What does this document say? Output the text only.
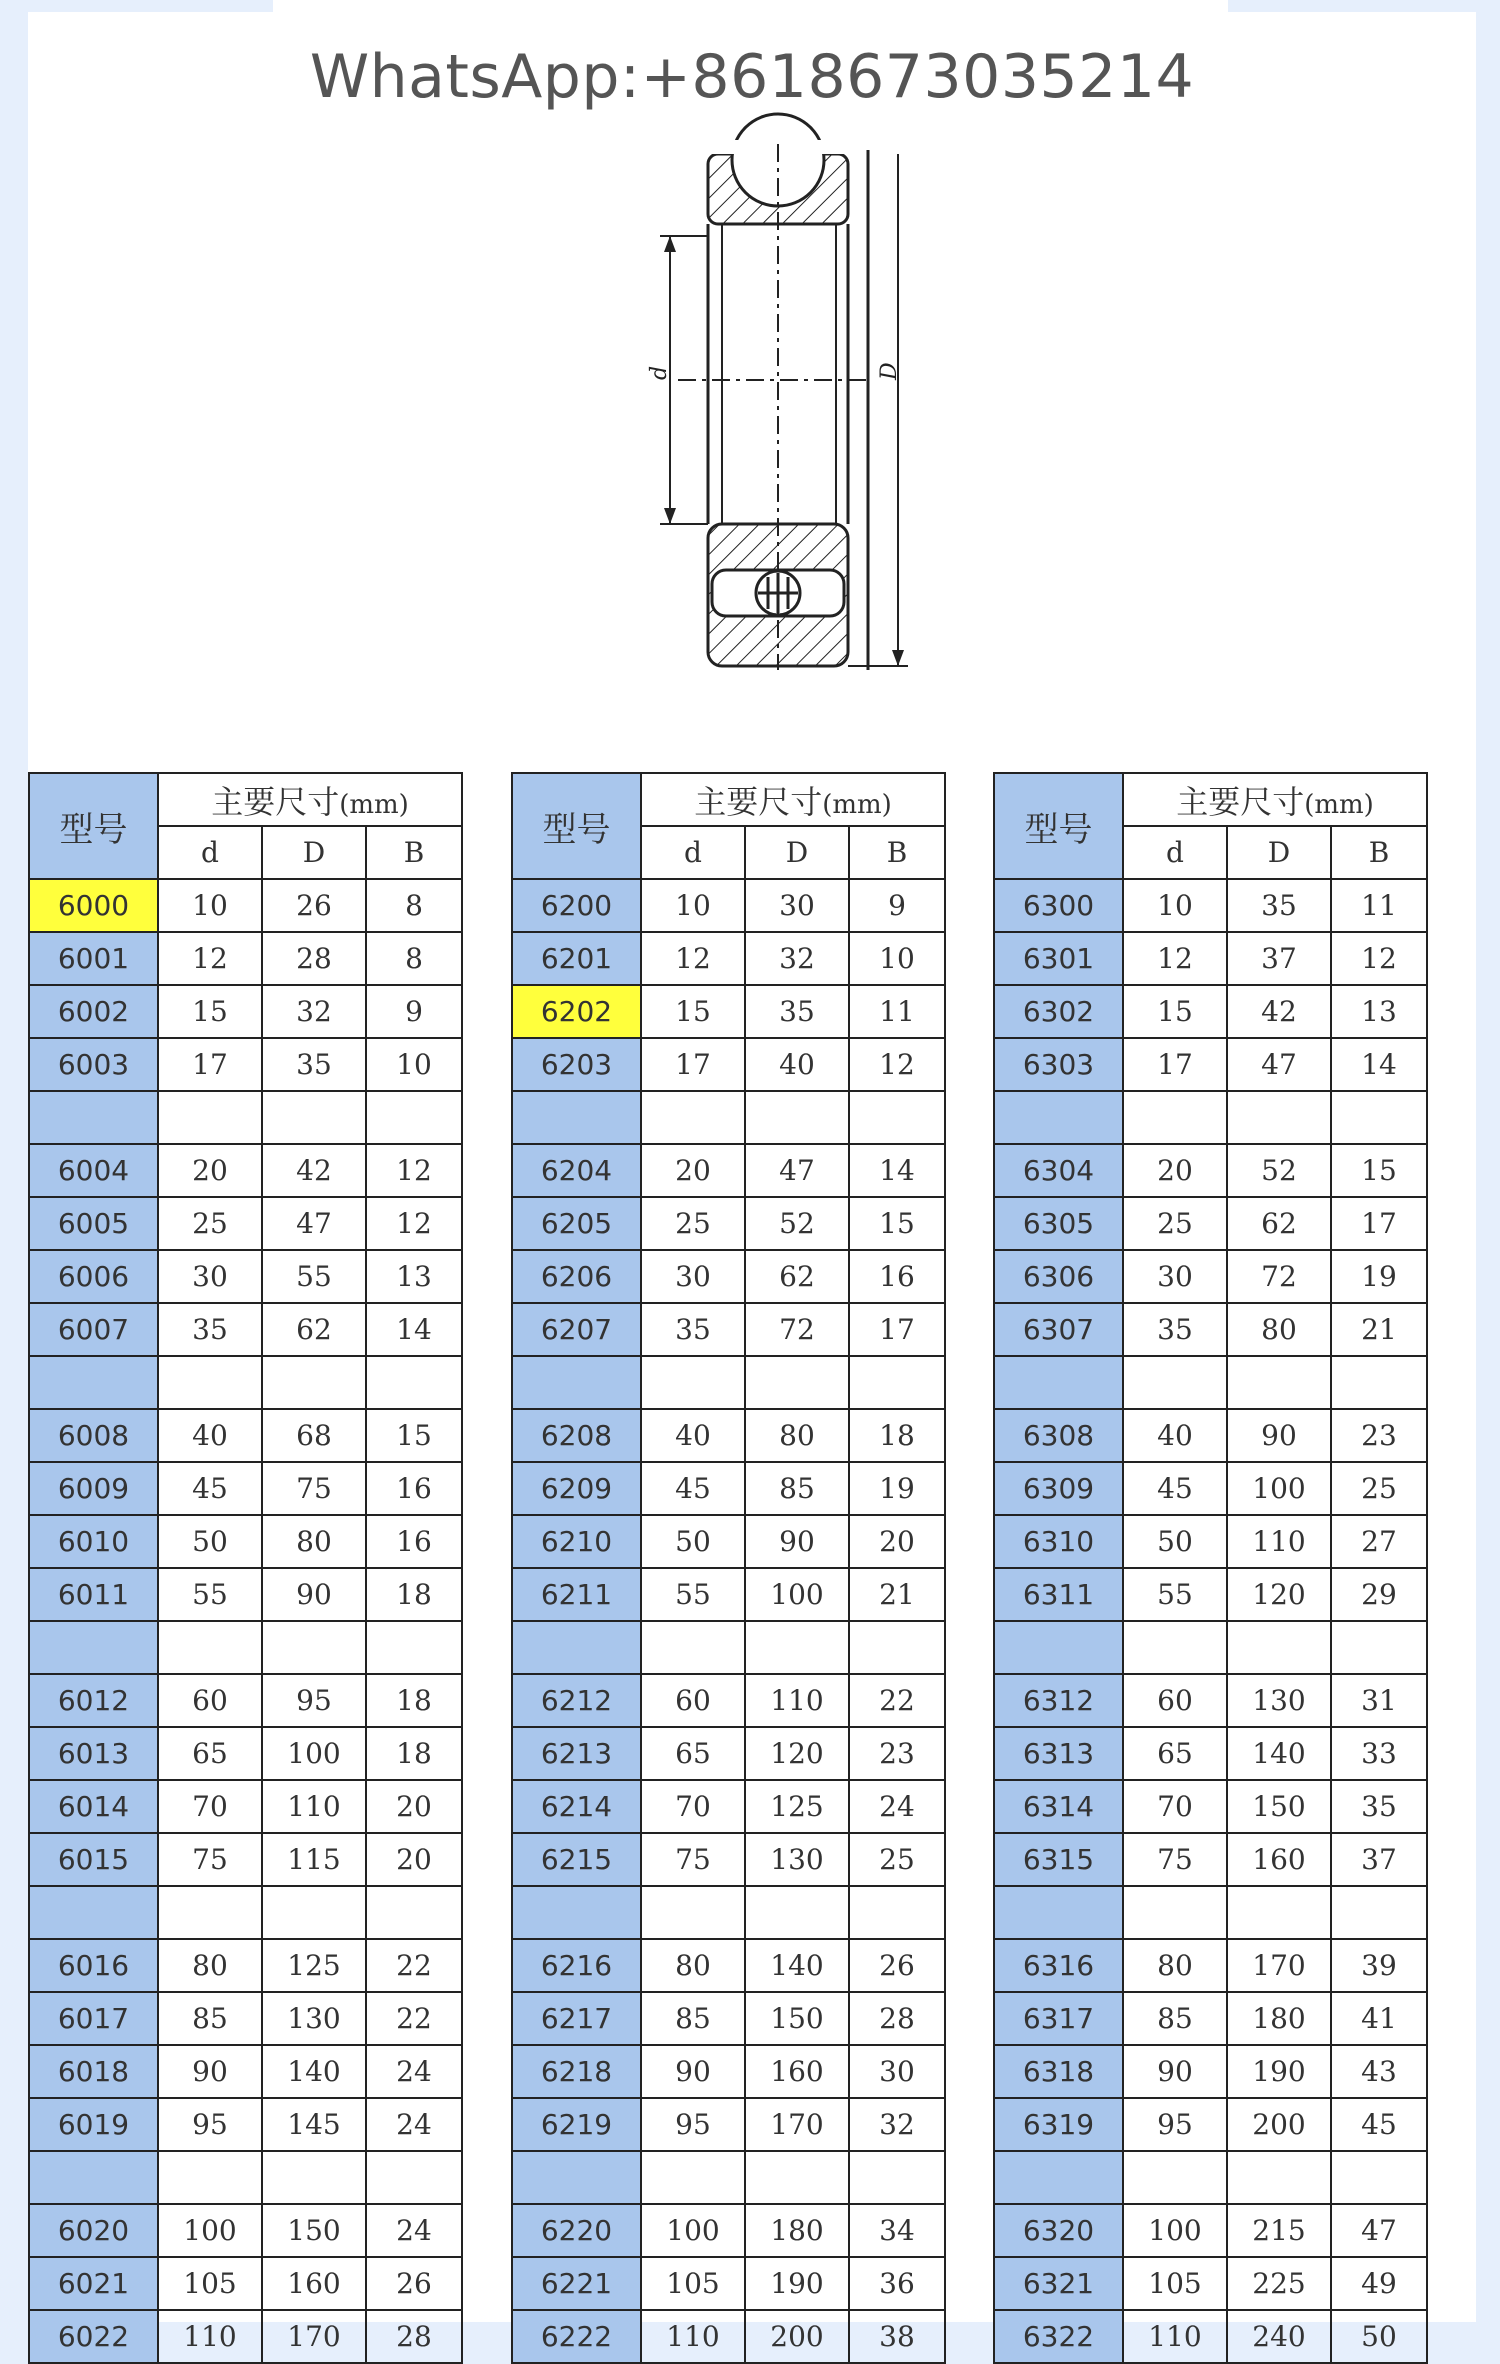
WhatsApp:+8618673035214
d	D
型号	主要尺寸(mm)		
	d	D	B
6000	10	26	8
6001	12	28	8
6002	15	32	9
6003	17	35	10

6004	20	42	12
6005	25	47	12
6006	30	55	13
6007	35	62	14

6008	40	68	15
6009	45	75	16
6010	50	80	16
6011	55	90	18

6012	60	95	18
6013	65	100	18
6014	70	110	20
6015	75	115	20

6016	80	125	22
6017	85	130	22
6018	90	140	24
6019	95	145	24

6020	100	150	24
6021	105	160	26
6022	110	170	28
型号	主要尺寸(mm)		
	d	D	B
6200	10	30	9
6201	12	32	10
6202	15	35	11
6203	17	40	12

6204	20	47	14
6205	25	52	15
6206	30	62	16
6207	35	72	17

6208	40	80	18
6209	45	85	19
6210	50	90	20
6211	55	100	21

6212	60	110	22
6213	65	120	23
6214	70	125	24
6215	75	130	25

6216	80	140	26
6217	85	150	28
6218	90	160	30
6219	95	170	32

6220	100	180	34
6221	105	190	36
6222	110	200	38
型号	主要尺寸(mm)		
	d	D	B
6300	10	35	11
6301	12	37	12
6302	15	42	13
6303	17	47	14

6304	20	52	15
6305	25	62	17
6306	30	72	19
6307	35	80	21

6308	40	90	23
6309	45	100	25
6310	50	110	27
6311	55	120	29

6312	60	130	31
6313	65	140	33
6314	70	150	35
6315	75	160	37

6316	80	170	39
6317	85	180	41
6318	90	190	43
6319	95	200	45

6320	100	215	47
6321	105	225	49
6322	110	240	50
